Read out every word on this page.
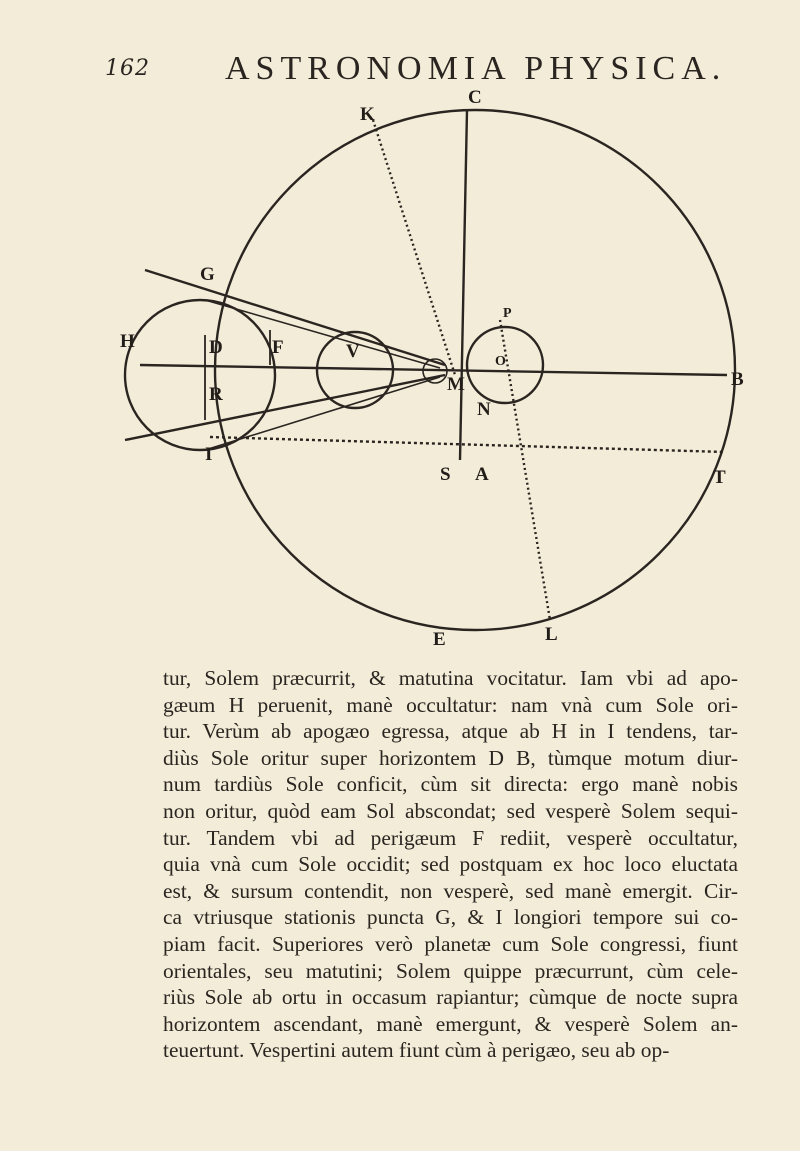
162 ASTRONOMIA PHYSICA.
C
K
G
H	D	F	V
R
I
M
S A
N
P
O
B
T
E	L
tur, Solem præcurrit, & matutina vocitatur. Iam vbi ad apo-
gæum H peruenit, manè occultatur: nam vnà cum Sole ori-
tur. Verùm ab apogæo egressa, atque ab H in I tendens, tar-
diùs Sole oritur super horizontem D B, tùmque motum diur-
num tardiùs Sole conficit, cùm sit directa: ergo manè nobis
non oritur, quòd eam Sol abscondat; sed vesperè Solem sequi-
tur. Tandem vbi ad perigæum F rediit, vesperè occultatur,
quia vnà cum Sole occidit; sed postquam ex hoc loco eluctata
est, & sursum contendit, non vesperè, sed manè emergit. Cir-
ca vtriusque stationis puncta G, & I longiori tempore sui co-
piam facit. Superiores verò planetæ cum Sole congressi, fiunt
orientales, seu matutini; Solem quippe præcurrunt, cùm cele-
riùs Sole ab ortu in occasum rapiantur; cùmque de nocte supra
horizontem ascendant, manè emergunt, & vesperè Solem an-
teuertunt. Vespertini autem fiunt cùm à perigæo, seu ab op-
